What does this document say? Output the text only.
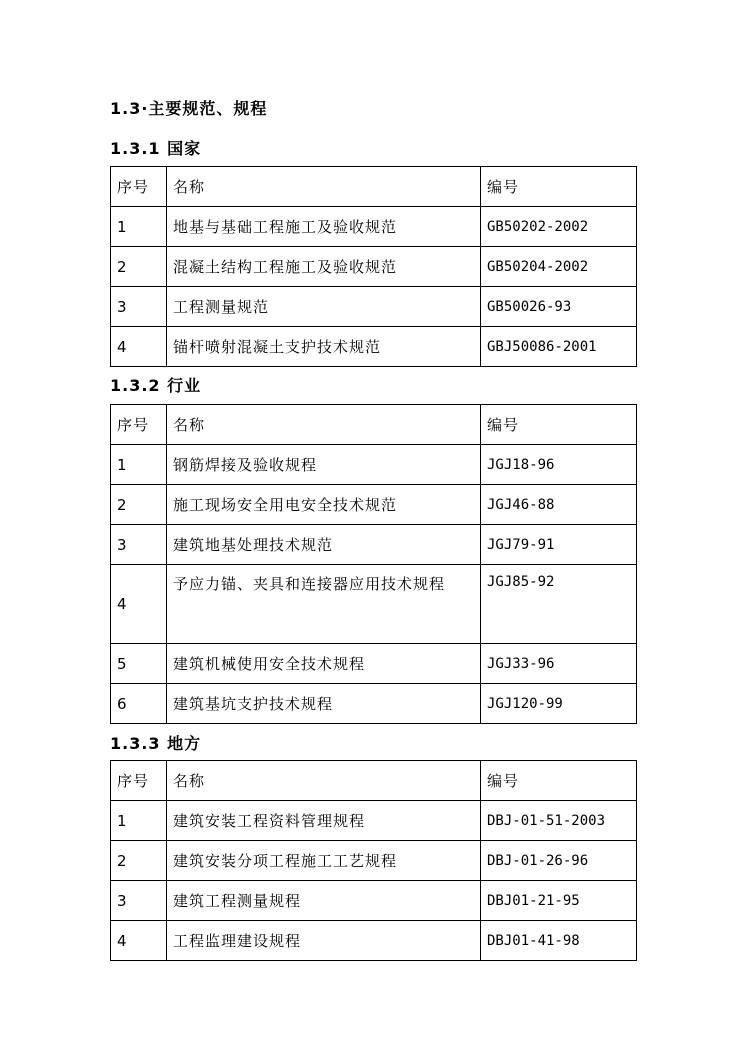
1.3·主要规范、规程
1.3.1 国家
序号	名称	编号
1	地基与基础工程施工及验收规范	GB50202-2002
2	混凝土结构工程施工及验收规范	GB50204-2002
3	工程测量规范	GB50026-93
4	锚杆喷射混凝土支护技术规范	GBJ50086-2001
1.3.2 行业
序号	名称	编号
1	钢筋焊接及验收规程	JGJ18-96
2	施工现场安全用电安全技术规范	JGJ46-88
3	建筑地基处理技术规范	JGJ79-91
4	予应力锚、夹具和连接器应用技术规程	JGJ85-92
5	建筑机械使用安全技术规程	JGJ33-96
6	建筑基坑支护技术规程	JGJ120-99
1.3.3 地方
序号	名称	编号
1	建筑安装工程资料管理规程	DBJ-01-51-2003
2	建筑安装分项工程施工工艺规程	DBJ-01-26-96
3	建筑工程测量规程	DBJ01-21-95
4	工程监理建设规程	DBJ01-41-98
